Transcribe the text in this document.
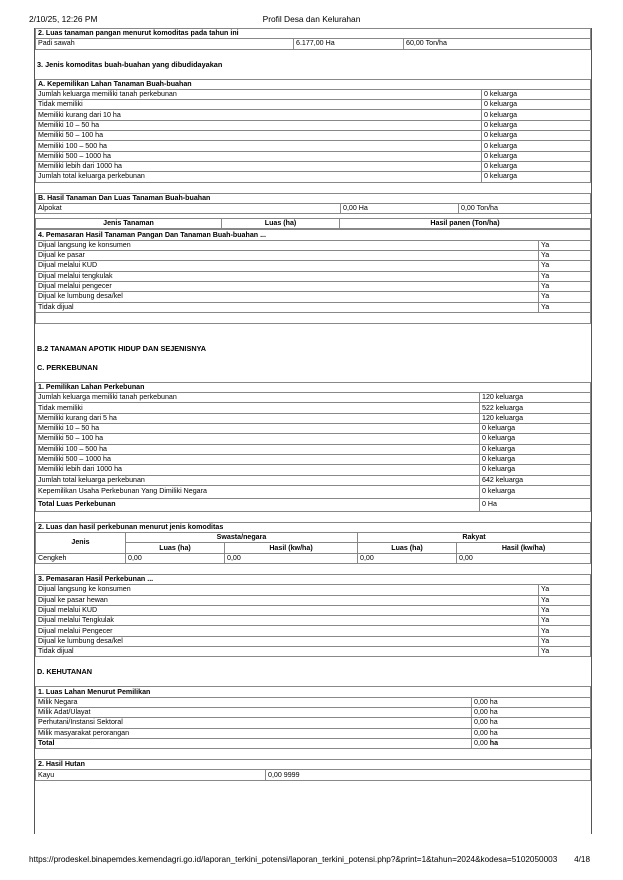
2/10/25, 12:26 PM	Profil Desa dan Kelurahan
2. Luas tanaman pangan menurut komoditas pada tahun ini
Padi sawah	6.177,00 Ha	60,00 Ton/ha
3. Jenis komoditas buah-buahan yang dibudidayakan
A. Kepemilikan Lahan Tanaman Buah-buahan	
Jumlah keluarga memiliki tanah perkebunan	0 keluarga
Tidak memiliki	0 keluarga
Memiliki kurang dari 10 ha	0 keluarga
Memiliki 10 – 50 ha	0 keluarga
Memiliki 50 – 100 ha	0 keluarga
Memiliki 100 – 500 ha	0 keluarga
Memiliki 500 – 1000 ha	0 keluarga
Memiliki lebih dari 1000 ha	0 keluarga
Jumlah total keluarga perkebunan	0 keluarga
B. Hasil Tanaman Dan Luas Tanaman Buah-buahan
Alpokat	0,00 Ha	0,00 Ton/ha
Jenis Tanaman	Luas (ha)	Hasil panen (Ton/ha)
4. Pemasaran Hasil Tanaman Pangan Dan Tanaman Buah-buahan ...	
Dijual langsung ke konsumen	Ya
Dijual ke pasar	Ya
Dijual melalui KUD	Ya
Dijual melalui tengkulak	Ya
Dijual melalui pengecer	Ya
Dijual ke lumbung desa/kel	Ya
Tidak dijual	Ya

B.2 TANAMAN APOTIK HIDUP DAN SEJENISNYA
C. PERKEBUNAN
1. Pemilikan Lahan Perkebunan	
Jumlah keluarga memiliki tanah perkebunan	120 keluarga
Tidak memiliki	522 keluarga
Memiliki kurang dari 5 ha	120 keluarga
Memiliki 10 – 50 ha	0 keluarga
Memiliki 50 – 100 ha	0 keluarga
Memiliki 100 – 500 ha	0 keluarga
Memiliki 500 – 1000 ha	0 keluarga
Memiliki lebih dari 1000 ha	0 keluarga
Jumlah total keluarga perkebunan	642 keluarga
Kepemilikan Usaha Perkebunan Yang Dimiliki Negara	0 keluarga
Total Luas Perkebunan	0 Ha
2. Luas dan hasil perkebunan menurut jenis komoditas				
Jenis	Swasta/negara		Rakyat	
	Luas (ha)	Hasil (kw/ha)	Luas (ha)	Hasil (kw/ha)
Cengkeh	0,00	0,00	0,00	0,00
3. Pemasaran Hasil Perkebunan ...	
Dijual langsung ke konsumen	Ya
Dijual ke pasar hewan	Ya
Dijual melalui KUD	Ya
Dijual melalui Tengkulak	Ya
Dijual melalui Pengecer	Ya
Dijual ke lumbung desa/kel	Ya
Tidak dijual	Ya
D. KEHUTANAN
1. Luas Lahan Menurut Pemilikan	
Milik Negara	0,00 ha
Milik Adat/Ulayat	0,00 ha
Perhutani/Instansi Sektoral	0,00 ha
Milik masyarakat perorangan	0,00 ha
Total	0,00 ha
2. Hasil Hutan
Kayu	0,00 9999
https://prodeskel.binapemdes.kemendagri.go.id/laporan_terkini_potensi/laporan_terkini_potensi.php?&print=1&tahun=2024&kodesa=5102050003 4/18
